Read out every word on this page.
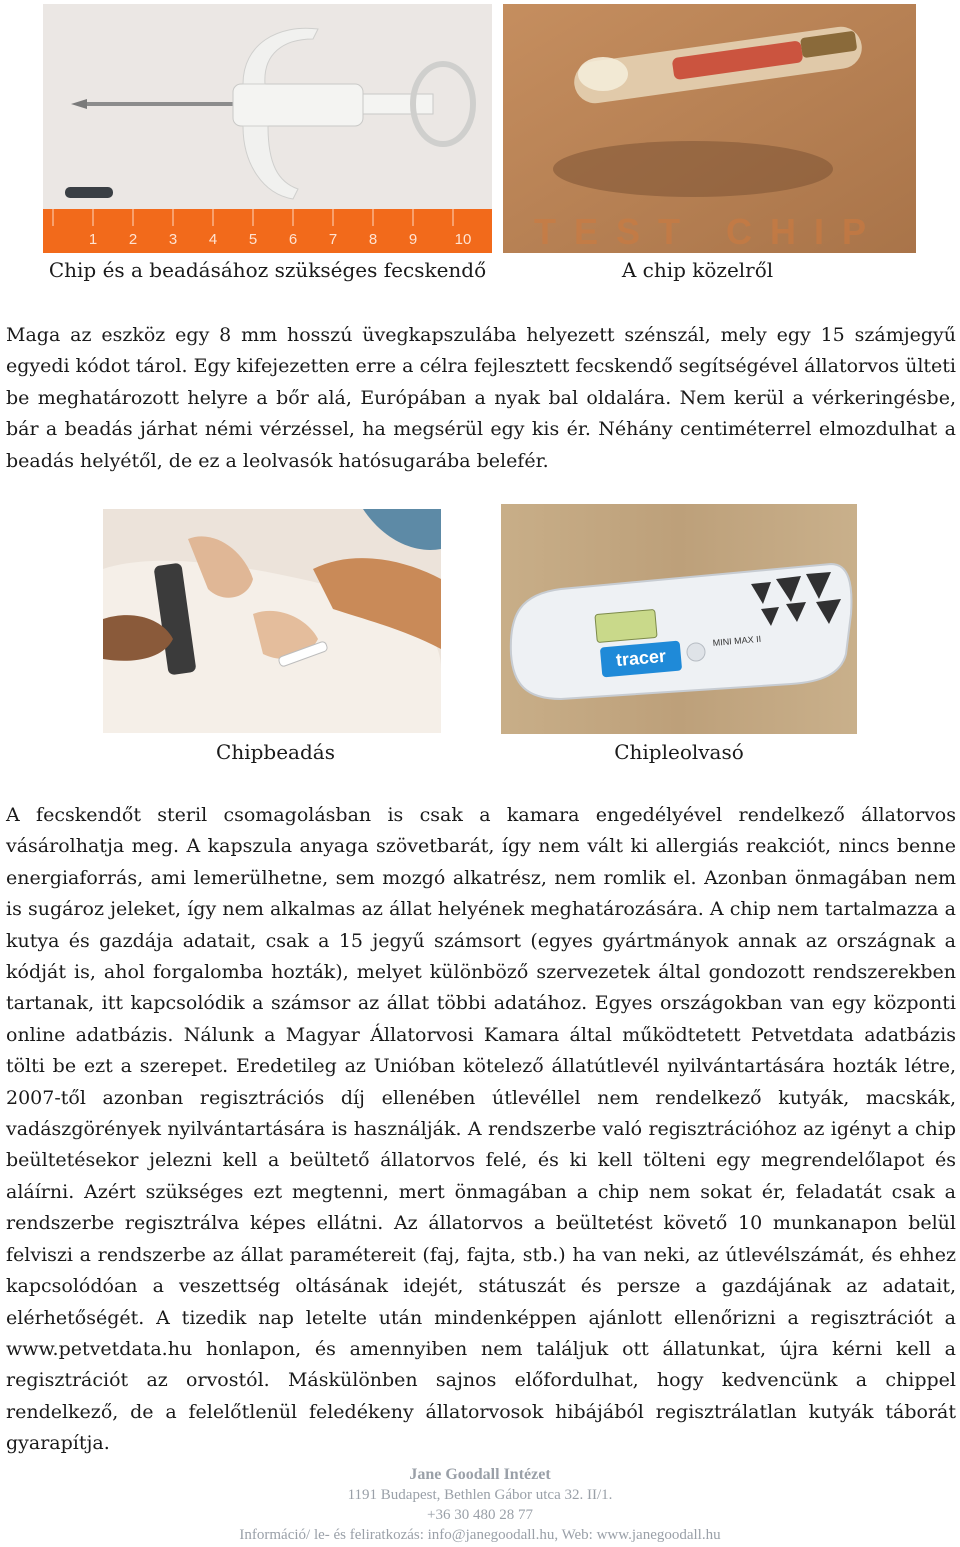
1 2 3 4 5 6 7 8 9 10 TEST CHIP
Chip és a beadásához szükséges fecskendő	A chip közelről

Maga az eszköz egy 8 mm hosszú üvegkapszulába helyezett szénszál, mely egy 15 számjegyű egyedi kódot tárol. Egy kifejezetten erre a célra fejlesztett fecskendő segítségével állatorvos ülteti be meghatározott helyre a bőr alá, Európában a nyak bal oldalára. Nem kerül a vérkeringésbe, bár a beadás járhat némi vérzéssel, ha megsérül egy kis ér. Néhány centiméterrel elmozdulhat a beadás helyétől, de ez a leolvasók hatósugarába belefér.

tracer
MINI MAX II
Chipbeadás	Chipleolvasó

A fecskendőt steril csomagolásban is csak a kamara engedélyével rendelkező állatorvos vásárolhatja meg. A kapszula anyaga szövetbarát, így nem vált ki allergiás reakciót, nincs benne energiaforrás, ami lemerülhetne, sem mozgó alkatrész, nem romlik el. Azonban önmagában nem is sugároz jeleket, így nem alkalmas az állat helyének meghatározására. A chip nem tartalmazza a kutya és gazdája adatait, csak a 15 jegyű számsort (egyes gyártmányok annak az országnak a kódját is, ahol forgalomba hozták), melyet különböző szervezetek által gondozott rendszerekben tartanak, itt kapcsolódik a számsor az állat többi adatához. Egyes országokban van egy központi online adatbázis. Nálunk a Magyar Állatorvosi Kamara által működtetett Petvetdata adatbázis tölti be ezt a szerepet. Eredetileg az Unióban kötelező állatútlevél nyilvántartására hozták létre, 2007-től azonban regisztrációs díj ellenében útlevéllel nem rendelkező kutyák, macskák, vadászgörények nyilvántartására is használják. A rendszerbe való regisztrációhoz az igényt a chip beültetésekor jelezni kell a beültető állatorvos felé, és ki kell tölteni egy megrendelőlapot és aláírni. Azért szükséges ezt megtenni, mert önmagában a chip nem sokat ér, feladatát csak a rendszerbe regisztrálva képes ellátni. Az állatorvos a beültetést követő 10 munkanapon belül felviszi a rendszerbe az állat paramétereit (faj, fajta, stb.) ha van neki, az útlevélszámát, és ehhez kapcsolódóan a veszettség oltásának idejét, státuszát és persze a gazdájának az adatait, elérhetőségét. A tizedik nap letelte után mindenképpen ajánlott ellenőrizni a regisztrációt a www.petvetdata.hu honlapon, és amennyiben nem találjuk ott állatunkat, újra kérni kell a regisztrációt az orvostól. Máskülönben sajnos előfordulhat, hogy kedvencünk a chippel rendelkező, de a felelőtlenül feledékeny állatorvosok hibájából regisztrálatlan kutyák táborát gyarapítja.

Jane Goodall Intézet
1191 Budapest, Bethlen Gábor utca 32. II/1.
+36 30 480 28 77
Információ/ le- és feliratkozás: info@janegoodall.hu, Web: www.janegoodall.hu
